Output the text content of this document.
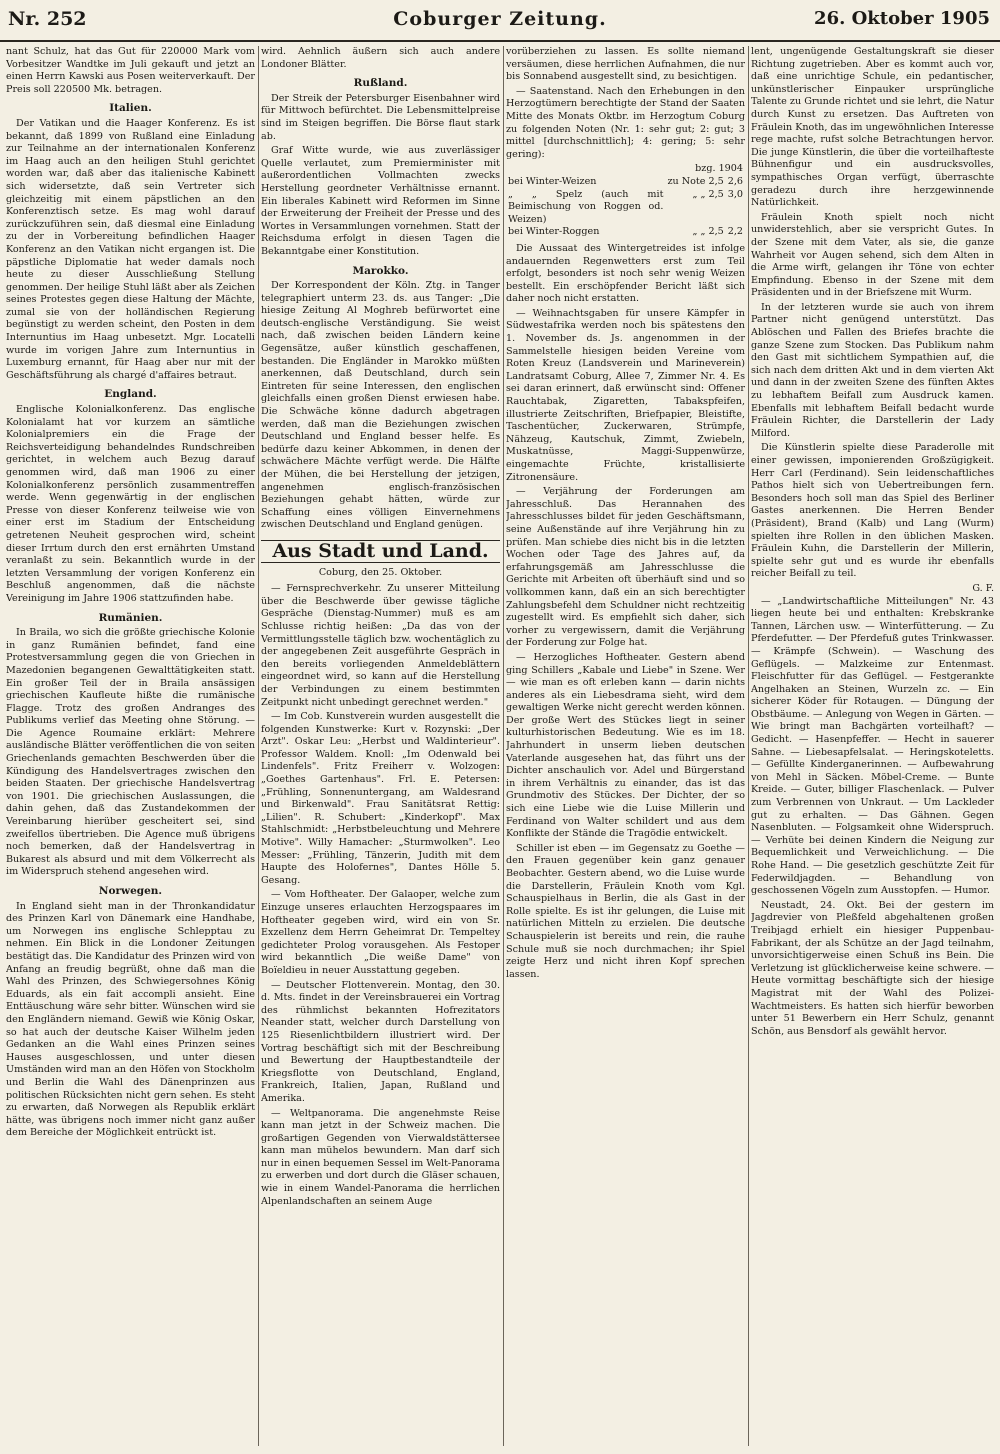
Coburger Zeitung.
Nr. 252	26. Oktober 1905

nant Schulz, hat das Gut für 220000 Mark vom Vorbesitzer Wandtke im Juli gekauft und jetzt an einen Herrn Kawski aus Posen weiterverkauft. Der Preis soll 220500 Mk. betragen.

Italien.

Der Vatikan und die Haager Konferenz. Es ist bekannt, daß 1899 von Rußland eine Einladung zur Teilnahme an der internationalen Konferenz im Haag auch an den heiligen Stuhl gerichtet worden war, daß aber das italienische Kabinett sich widersetzte, daß sein Vertreter sich gleichzeitig mit einem päpstlichen an den Konferenztisch setze. Es mag wohl darauf zurückzuführen sein, daß diesmal eine Einladung zu der in Vorbereitung befindlichen Haager Konferenz an den Vatikan nicht ergangen ist. Die päpstliche Diplomatie hat weder damals noch heute zu dieser Ausschließung Stellung genommen. Der heilige Stuhl läßt aber als Zeichen seines Protestes gegen diese Haltung der Mächte, zumal sie von der holländischen Regierung begünstigt zu werden scheint, den Posten in dem Internuntius im Haag unbesetzt. Mgr. Locatelli wurde im vorigen Jahre zum Internuntius in Luxemburg ernannt, für Haag aber nur mit der Geschäftsführung als chargé d'affaires betraut.

England.

Englische Kolonialkonferenz. Das englische Kolonialamt hat vor kurzem an sämtliche Kolonialpremiers ein die Frage der Reichsverteidigung behandelndes Rundschreiben gerichtet, in welchem auch Bezug darauf genommen wird, daß man 1906 zu einer Kolonialkonferenz persönlich zusammentreffen werde. Wenn gegenwärtig in der englischen Presse von dieser Konferenz teilweise wie von einer erst im Stadium der Entscheidung getretenen Neuheit gesprochen wird, scheint dieser Irrtum durch den erst ernährten Umstand veranlaßt zu sein. Bekanntlich wurde in der letzten Versammlung der vorigen Konferenz ein Beschluß angenommen, daß die nächste Vereinigung im Jahre 1906 stattzufinden habe.

Rumänien.

In Braila, wo sich die größte griechische Kolonie in ganz Rumänien befindet, fand eine Protestversammlung gegen die von Griechen in Mazedonien begangenen Gewalttätigkeiten statt. Ein großer Teil der in Braila ansässigen griechischen Kaufleute hißte die rumänische Flagge. Trotz des großen Andranges des Publikums verlief das Meeting ohne Störung. — Die Agence Roumaine erklärt: Mehrere ausländische Blätter veröffentlichen die von seiten Griechenlands gemachten Beschwerden über die Kündigung des Handelsvertrages zwischen den beiden Staaten. Der griechische Handelsvertrag von 1901. Die griechischen Auslassungen, die dahin gehen, daß das Zustandekommen der Vereinbarung hierüber gescheitert sei, sind zweifellos übertrieben. Die Agence muß übrigens noch bemerken, daß der Handelsvertrag in Bukarest als absurd und mit dem Völkerrecht als im Widerspruch stehend angesehen wird.

Norwegen.

In England sieht man in der Thronkandidatur des Prinzen Karl von Dänemark eine Handhabe, um Norwegen ins englische Schlepptau zu nehmen. Ein Blick in die Londoner Zeitungen bestätigt das. Die Kandidatur des Prinzen wird von Anfang an freudig begrüßt, ohne daß man die Wahl des Prinzen, des Schwiegersohnes König Eduards, als ein fait accompli ansieht. Eine Enttäuschung wäre sehr bitter. Wünschen wird sie den Engländern niemand. Gewiß wie König Oskar, so hat auch der deutsche Kaiser Wilhelm jeden Gedanken an die Wahl eines Prinzen seines Hauses ausgeschlossen, und unter diesen Umständen wird man an den Höfen von Stockholm und Berlin die Wahl des Dänenprinzen aus politischen Rücksichten nicht gern sehen. Es steht zu erwarten, daß Norwegen als Republik erklärt hätte, was übrigens noch immer nicht ganz außer dem Bereiche der Möglichkeit entrückt ist.

wird. Aehnlich äußern sich auch andere Londoner Blätter.

Rußland.

Der Streik der Petersburger Eisenbahner wird für Mittwoch befürchtet. Die Lebensmittelpreise sind im Steigen begriffen. Die Börse flaut stark ab.

Graf Witte wurde, wie aus zuverlässiger Quelle verlautet, zum Premierminister mit außerordentlichen Vollmachten zwecks Herstellung geordneter Verhältnisse ernannt. Ein liberales Kabinett wird Reformen im Sinne der Erweiterung der Freiheit der Presse und des Wortes in Versammlungen vornehmen. Statt der Reichsduma erfolgt in diesen Tagen die Bekanntgabe einer Konstitution.

Marokko.

Der Korrespondent der Köln. Ztg. in Tanger telegraphiert unterm 23. ds. aus Tanger: „Die hiesige Zeitung Al Moghreb befürwortet eine deutsch-englische Verständigung. Sie weist nach, daß zwischen beiden Ländern keine Gegensätze, außer künstlich geschaffenen, bestanden. Die Engländer in Marokko müßten anerkennen, daß Deutschland, durch sein Eintreten für seine Interessen, den englischen gleichfalls einen großen Dienst erwiesen habe. Die Schwäche könne dadurch abgetragen werden, daß man die Beziehungen zwischen Deutschland und England besser helfe. Es bedürfe dazu keiner Abkommen, in denen der schwächere Mächte verfügt werde. Die Hälfte der Mühen, die bei Herstellung der jetzigen, angenehmen englisch-französischen Beziehungen gehabt hätten, würde zur Schaffung eines völligen Einvernehmens zwischen Deutschland und England genügen.

Aus Stadt und Land.
Coburg, den 25. Oktober.

— Fernsprechverkehr. Zu unserer Mitteilung über die Beschwerde über gewisse tägliche Gespräche (Dienstag-Nummer) muß es am Schlusse richtig heißen: „Da das von der Vermittlungsstelle täglich bzw. wochentäglich zu der angegebenen Zeit ausgeführte Gespräch in den bereits vorliegenden Anmeldeblättern eingeordnet wird, so kann auf die Herstellung der Verbindungen zu einem bestimmten Zeitpunkt nicht unbedingt gerechnet werden."

— Im Cob. Kunstverein wurden ausgestellt die folgenden Kunstwerke: Kurt v. Rozynski: „Der Arzt". Oskar Leu: „Herbst und Waldinterieur". Professor Waldem. Knoll: „Im Odenwald bei Lindenfels". Fritz Freiherr v. Wolzogen: „Goethes Gartenhaus". Frl. E. Petersen: „Frühling, Sonnenuntergang, am Waldesrand und Birkenwald". Frau Sanitätsrat Rettig: „Lilien". R. Schubert: „Kinderkopf". Max Stahlschmidt: „Herbstbeleuchtung und Mehrere Motive". Willy Hamacher: „Sturmwolken". Leo Messer: „Frühling, Tänzerin, Judith mit dem Haupte des Holofernes", Dantes Hölle 5. Gesang.

— Vom Hoftheater. Der Galaoper, welche zum Einzuge unseres erlauchten Herzogspaares im Hoftheater gegeben wird, wird ein von Sr. Exzellenz dem Herrn Geheimrat Dr. Tempeltey gedichteter Prolog vorausgehen. Als Festoper wird bekanntlich „Die weiße Dame" von Boïeldieu in neuer Ausstattung gegeben.

— Deutscher Flottenverein. Montag, den 30. d. Mts. findet in der Vereinsbrauerei ein Vortrag des rühmlichst bekannten Hofrezitators Neander statt, welcher durch Darstellung von 125 Riesenlichtbildern illustriert wird. Der Vortrag beschäftigt sich mit der Beschreibung und Bewertung der Hauptbestandteile der Kriegsflotte von Deutschland, England, Frankreich, Italien, Japan, Rußland und Amerika.

— Weltpanorama. Die angenehmste Reise kann man jetzt in der Schweiz machen. Die großartigen Gegenden von Vierwaldstättersee kann man mühelos bewundern. Man darf sich nur in einen bequemen Sessel im Welt-Panorama zu erwerben und dort durch die Gläser schauen, wie in einem Wandel-Panorama die herrlichen Alpenlandschaften an seinem Auge

vorüberziehen zu lassen. Es sollte niemand versäumen, diese herrlichen Aufnahmen, die nur bis Sonnabend ausgestellt sind, zu besichtigen.

— Saatenstand. Nach den Erhebungen in den Herzogtümern berechtigte der Stand der Saaten Mitte des Monats Oktbr. im Herzogtum Coburg zu folgenden Noten (Nr. 1: sehr gut; 2: gut; 3 mittel [durchschnittlich]; 4: gering; 5: sehr gering):

	bzg. 1904	
bei Winter-Weizen	zu Note 2,5	2,6
„ „ Spelz (auch mit Beimischung von Roggen od. Weizen)	„ „ 2,5	3,0
bei Winter-Roggen	„ „ 2,5	2,2

Die Aussaat des Wintergetreides ist infolge andauernden Regenwetters erst zum Teil erfolgt, besonders ist noch sehr wenig Weizen bestellt. Ein erschöpfender Bericht läßt sich daher noch nicht erstatten.

— Weihnachtsgaben für unsere Kämpfer in Südwestafrika werden noch bis spätestens den 1. November ds. Js. angenommen in der Sammelstelle hiesigen beiden Vereine vom Roten Kreuz (Landsverein und Marineverein) Landratsamt Coburg, Allee 7, Zimmer Nr. 4. Es sei daran erinnert, daß erwünscht sind: Offener Rauchtabak, Zigaretten, Tabakspfeifen, illustrierte Zeitschriften, Briefpapier, Bleistifte, Taschentücher, Zuckerwaren, Strümpfe, Nähzeug, Kautschuk, Zimmt, Zwiebeln, Muskatnüsse, Maggi-Suppenwürze, eingemachte Früchte, kristallisierte Zitronensäure.

— Verjährung der Forderungen am Jahresschluß. Das Herannahen des Jahresschlusses bildet für jeden Geschäftsmann, seine Außenstände auf ihre Verjährung hin zu prüfen. Man schiebe dies nicht bis in die letzten Wochen oder Tage des Jahres auf, da erfahrungsgemäß am Jahresschlusse die Gerichte mit Arbeiten oft überhäuft sind und so vollkommen kann, daß ein an sich berechtigter Zahlungsbefehl dem Schuldner nicht rechtzeitig zugestellt wird. Es empfiehlt sich daher, sich vorher zu vergewissern, damit die Verjährung der Forderung zur Folge hat.

— Herzogliches Hoftheater. Gestern abend ging Schillers „Kabale und Liebe" in Szene. Wer — wie man es oft erleben kann — darin nichts anderes als ein Liebesdrama sieht, wird dem gewaltigen Werke nicht gerecht werden können. Der große Wert des Stückes liegt in seiner kulturhistorischen Bedeutung. Wie es im 18. Jahrhundert in unserm lieben deutschen Vaterlande ausgesehen hat, das führt uns der Dichter anschaulich vor. Adel und Bürgerstand in ihrem Verhältnis zu einander, das ist das Grundmotiv des Stückes. Der Dichter, der so sich eine Liebe wie die Luise Millerin und Ferdinand von Walter schildert und aus dem Konflikte der Stände die Tragödie entwickelt.

Schiller ist eben — im Gegensatz zu Goethe — den Frauen gegenüber kein ganz genauer Beobachter. Gestern abend, wo die Luise wurde die Darstellerin, Fräulein Knoth vom Kgl. Schauspielhaus in Berlin, die als Gast in der Rolle spielte. Es ist ihr gelungen, die Luise mit natürlichen Mitteln zu erzielen. Die deutsche Schauspielerin ist bereits und rein, die rauhe Schule muß sie noch durchmachen; ihr Spiel zeigte Herz und nicht ihren Kopf sprechen lassen.

lent, ungenügende Gestaltungskraft sie dieser Richtung zugetrieben. Aber es kommt auch vor, daß eine unrichtige Schule, ein pedantischer, unkünstlerischer Einpauker ursprüngliche Talente zu Grunde richtet und sie lehrt, die Natur durch Kunst zu ersetzen. Das Auftreten von Fräulein Knoth, das im ungewöhnlichen Interesse rege machte, rufst solche Betrachtungen hervor. Die junge Künstlerin, die über die vorteilhafteste Bühnenfigur und ein ausdrucksvolles, sympathisches Organ verfügt, überraschte geradezu durch ihre herzgewinnende Natürlichkeit.

Fräulein Knoth spielt noch nicht unwiderstehlich, aber sie verspricht Gutes. In der Szene mit dem Vater, als sie, die ganze Wahrheit vor Augen sehend, sich dem Alten in die Arme wirft, gelangen ihr Töne von echter Empfindung. Ebenso in der Szene mit dem Präsidenten und in der Briefszene mit Wurm.

In der letzteren wurde sie auch von ihrem Partner nicht genügend unterstützt. Das Ablöschen und Fallen des Briefes brachte die ganze Szene zum Stocken. Das Publikum nahm den Gast mit sichtlichem Sympathien auf, die sich nach dem dritten Akt und in dem vierten Akt und dann in der zweiten Szene des fünften Aktes zu lebhaftem Beifall zum Ausdruck kamen. Ebenfalls mit lebhaftem Beifall bedacht wurde Fräulein Richter, die Darstellerin der Lady Milford.

Die Künstlerin spielte diese Paraderolle mit einer gewissen, imponierenden Großzügigkeit. Herr Carl (Ferdinand). Sein leidenschaftliches Pathos hielt sich von Uebertreibungen fern. Besonders hoch soll man das Spiel des Berliner Gastes anerkennen. Die Herren Bender (Präsident), Brand (Kalb) und Lang (Wurm) spielten ihre Rollen in den üblichen Masken. Fräulein Kuhn, die Darstellerin der Millerin, spielte sehr gut und es wurde ihr ebenfalls reicher Beifall zu teil.

G. F.

— „Landwirtschaftliche Mitteilungen" Nr. 43 liegen heute bei und enthalten: Krebskranke Tannen, Lärchen usw. — Winterfütterung. — Zu Pferdefutter. — Der Pferdefuß gutes Trinkwasser. — Krämpfe (Schwein). — Waschung des Geflügels. — Malzkeime zur Entenmast. Fleischfutter für das Geflügel. — Festgerankte Angelhaken an Steinen, Wurzeln zc. — Ein sicherer Köder für Rotaugen. — Düngung der Obstbäume. — Anlegung von Wegen in Gärten. — Wie bringt man Bachgärten vorteilhaft? — Gedicht. — Hasenpfeffer. — Hecht in sauerer Sahne. — Liebesapfelsalat. — Heringskoteletts. — Gefüllte Kinderganerinnen. — Aufbewahrung von Mehl in Säcken. Möbel-Creme. — Bunte Kreide. — Guter, billiger Flaschenlack. — Pulver zum Verbrennen von Unkraut. — Um Lackleder gut zu erhalten. — Das Gähnen. Gegen Nasenbluten. — Folgsamkeit ohne Widerspruch. — Verhüte bei deinen Kindern die Neigung zur Bequemlichkeit und Verweichlichung. — Die Rohe Hand. — Die gesetzlich geschützte Zeit für Federwildjagden. — Behandlung von geschossenen Vögeln zum Ausstopfen. — Humor.

Neustadt, 24. Okt. Bei der gestern im Jagdrevier von Pleßfeld abgehaltenen großen Treibjagd erhielt ein hiesiger Puppenbau-Fabrikant, der als Schütze an der Jagd teilnahm, unvorsichtigerweise einen Schuß ins Bein. Die Verletzung ist glücklicherweise keine schwere. — Heute vormittag beschäftigte sich der hiesige Magistrat mit der Wahl des Polizei-Wachtmeisters. Es hatten sich hierfür beworben unter 51 Bewerbern ein Herr Schulz, genannt Schön, aus Bensdorf als gewählt hervor.
